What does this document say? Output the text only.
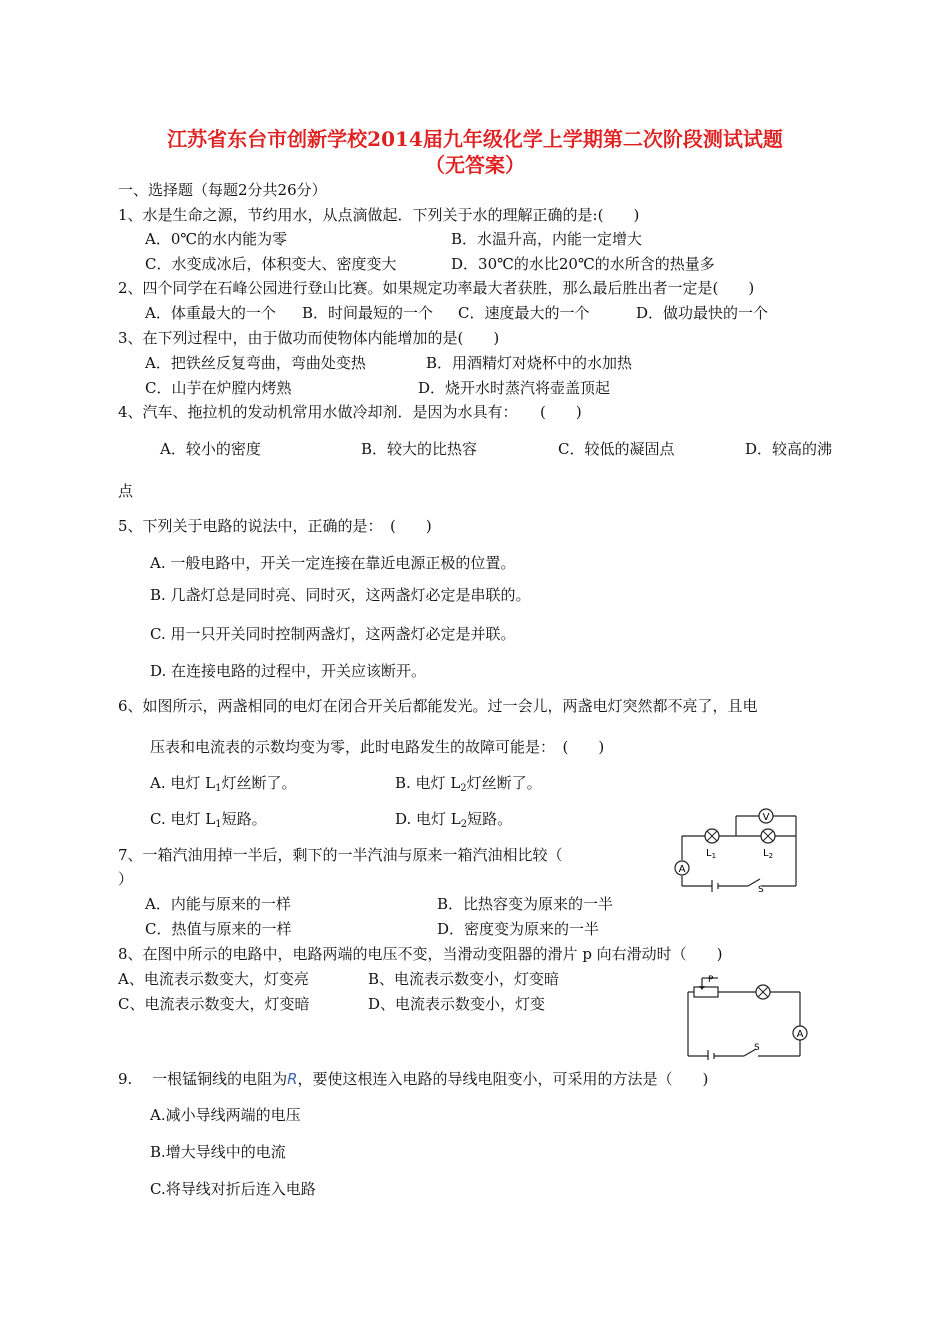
江苏省东台市创新学校2014届九年级化学上学期第二次阶段测试试题
（无答案）
一、选择题（每题2分共26分）
1、水是生命之源，节约用水，从点滴做起．下列关于水的理解正确的是:(　　)
A．0℃的水内能为零	B．水温升高，内能一定增大
C．水变成冰后，体积变大、密度变大	D．30℃的水比20℃的水所含的热量多
2、四个同学在石峰公园进行登山比赛。如果规定功率最大者获胜，那么最后胜出者一定是(　　)
A．体重最大的一个 B．时间最短的一个 C．速度最大的一个	D．做功最快的一个
3、在下列过程中，由于做功而使物体内能增加的是(　　)
A．把铁丝反复弯曲，弯曲处变热	B．用酒精灯对烧杯中的水加热
C．山芋在炉膛内烤熟	D．烧开水时蒸汽将壶盖顶起
4、汽车、拖拉机的发动机常用水做冷却剂．是因为水具有：　　(　　)
A．较小的密度	B．较大的比热容	C．较低的凝固点	D．较高的沸
点
5、下列关于电路的说法中，正确的是：　(　　)
A. 一般电路中，开关一定连接在靠近电源正极的位置。
B. 几盏灯总是同时亮、同时灭，这两盏灯必定是串联的。
C. 用一只开关同时控制两盏灯，这两盏灯必定是并联。
D. 在连接电路的过程中，开关应该断开。
6、如图所示，两盏相同的电灯在闭合开关后都能发光。过一会儿，两盏电灯突然都不亮了，且电
压表和电流表的示数均变为零，此时电路发生的故障可能是：　(　　)
A. 电灯 $L_1$灯丝断了。	B. 电灯 $L_2$灯丝断了。
C. 电灯 $L_1$短路。	D. 电灯 $L_2$短路。
A
$L_1$	$L_2$
V
S
7、一箱汽油用掉一半后，剩下的一半汽油与原来一箱汽油相比较（
）
A．内能与原来的一样	B．比热容变为原来的一半
C．热值与原来的一样	D．密度变为原来的一半
8、在图中所示的电路中，电路两端的电压不变，当滑动变阻器的滑片 p 向右滑动时（　　)
A、电流表示数变大，灯变亮	B、电流表示数变小，灯变暗
C、电流表示数变大，灯变暗	D、电流表示数变小，灯变
P
A
S
9.　 一根锰铜线的电阻为R，要使这根连入电路的导线电阻变小，可采用的方法是（　　)
A.减小导线两端的电压
B.增大导线中的电流
C.将导线对折后连入电路
